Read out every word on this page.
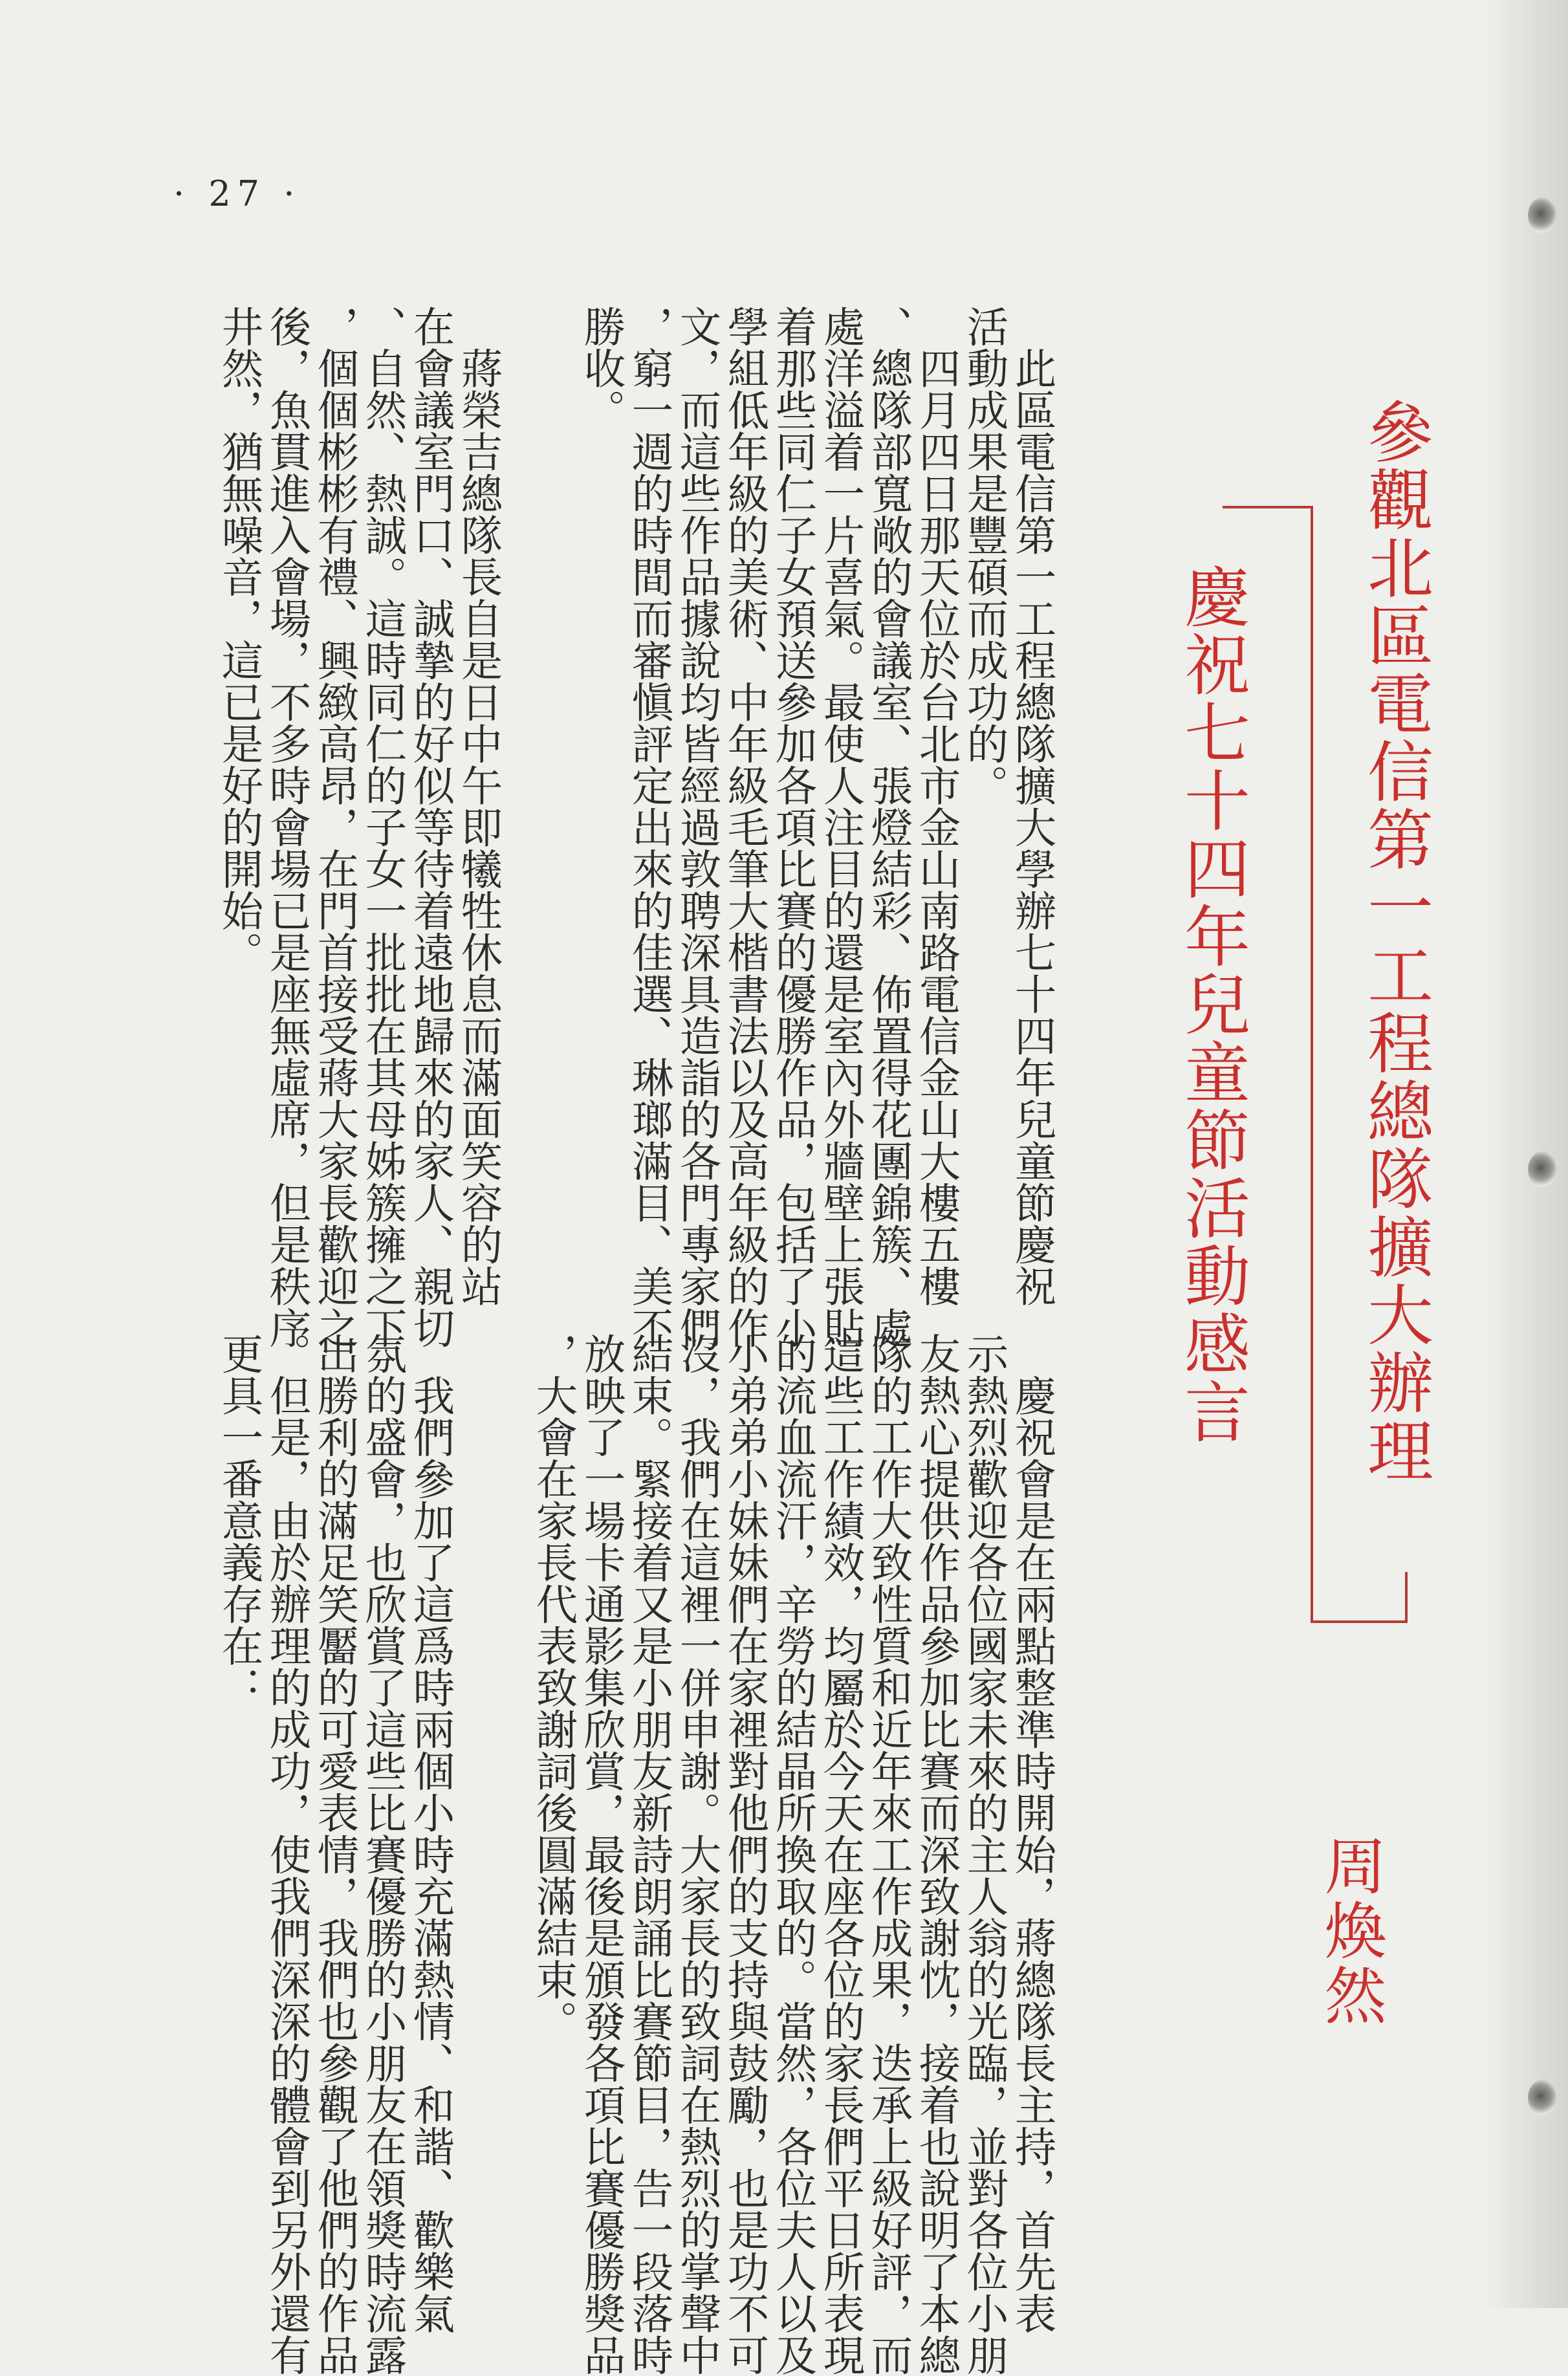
· 27 ·
參觀北區電信第一工程總隊擴大辦理
慶祝七十四年兒童節活動感言
周煥然
　此區電信第一工程總隊擴大學辦七十四年兒童節慶祝
活動成果是豐碩而成功的。
　四月四日那天位於台北市金山南路電信金山大樓五樓
、總隊部寬敞的會議室、張燈結彩、佈置得花團錦簇、處
處洋溢着一片喜氣。最使人注目的還是室內外牆壁上張貼
着那些同仁子女預送參加各項比賽的優勝作品，包括了小
學組低年級的美術、中年級毛筆大楷書法以及高年級的作
文，而這些作品據說均皆經過敦聘深具造詣的各門專家們
，窮一週的時間而審愼評定出來的佳選、琳瑯滿目、美不
勝收。
　蔣榮吉總隊長自是日中午即犧牲休息而滿面笑容的站
在會議室門口、誠摯的好似等待着遠地歸來的家人、親切
、自然、熱誠。這時同仁的子女一批批在其母姊簇擁之下
，個個彬彬有禮、興緻高昂，在門首接受蔣大家長歡迎之
後，魚貫進入會場，不多時會場已是座無虛席，但是秩序
井然，猶無噪音，這已是好的開始。
　慶祝會是在兩點整準時開始，蔣總隊長主持，首先表
示熱烈歡迎各位國家未來的主人翁的光臨，並對各位小朋
友熱心提供作品參加比賽而深致謝忱，接着也說明了本總
隊的工作大致性質和近年來工作成果，迭承上級好評，而
這些工作績效，均屬於今天在座各位的家長們平日所表現
的流血流汗，辛勞的結晶所換取的。當然，各位夫人以及
小弟弟小妹妹們在家裡對他們的支持與鼓勵，也是功不可
沒，我們在這裡一併申謝。大家長的致詞在熱烈的掌聲中
結束。緊接着又是小朋友新詩朗誦比賽節目，告一段落時
放映了一場卡通影集欣賞，最後是頒發各項比賽優勝獎品
，大會在家長代表致謝詞後圓滿結束。
　我們參加了這爲時兩個小時充滿熱情、和諧、歡樂氣
氛的盛會，也欣賞了這些比賽優勝的小朋友在領獎時流露
出勝利的滿足笑靨的可愛表情，我們也參觀了他們的作品
。但是，由於辦理的成功，使我們深深的體會到另外還有
更具一番意義存在：
